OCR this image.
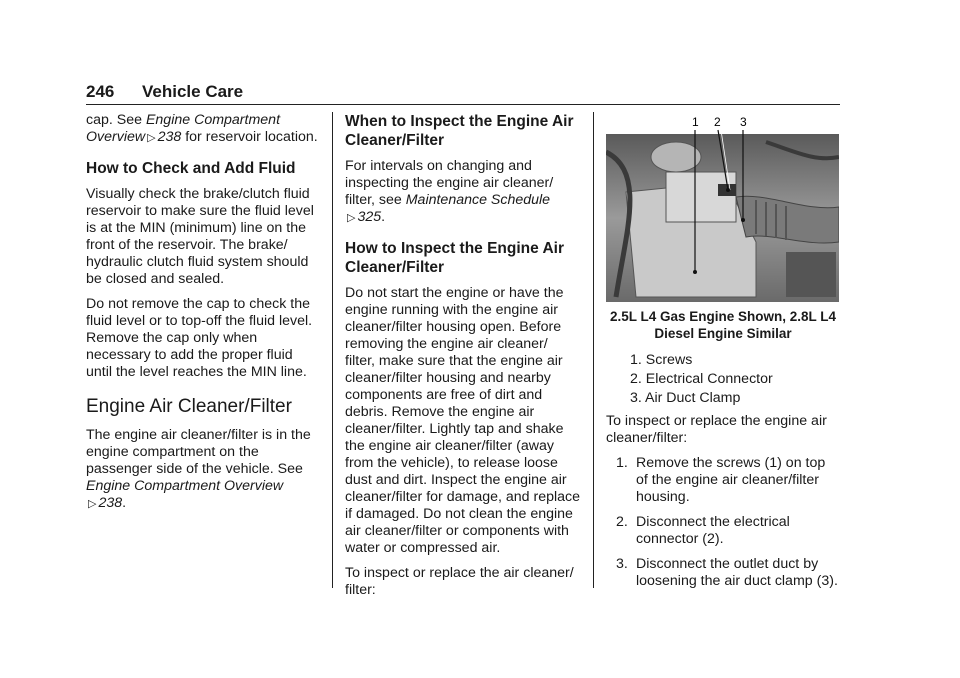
246 Vehicle Care

cap. See Engine Compartment Overview ▷ 238 for reservoir location.

How to Check and Add Fluid

Visually check the brake/clutch fluid reservoir to make sure the fluid level is at the MIN (minimum) line on the front of the reservoir. The brake/ hydraulic clutch fluid system should be closed and sealed.

Do not remove the cap to check the fluid level or to top-off the fluid level. Remove the cap only when necessary to add the proper fluid until the level reaches the MIN line.

Engine Air Cleaner/Filter

The engine air cleaner/filter is in the engine compartment on the passenger side of the vehicle. See Engine Compartment Overview
▷ 238.

When to Inspect the Engine Air Cleaner/Filter

For intervals on changing and inspecting the engine air cleaner/ filter, see Maintenance Schedule
▷ 325.

How to Inspect the Engine Air Cleaner/Filter

Do not start the engine or have the engine running with the engine air cleaner/filter housing open. Before removing the engine air cleaner/ filter, make sure that the engine air cleaner/filter housing and nearby components are free of dirt and debris. Remove the engine air cleaner/filter. Lightly tap and shake the engine air cleaner/filter (away from the vehicle), to release loose dust and dirt. Inspect the engine air cleaner/filter for damage, and replace if damaged. Do not clean the engine air cleaner/filter or components with water or compressed air.

To inspect or replace the air cleaner/ filter:

1 2 3
2.5L L4 Gas Engine Shown, 2.8L L4 Diesel Engine Similar
1. Screws
2. Electrical Connector
3. Air Duct Clamp

To inspect or replace the engine air cleaner/filter:

1. Remove the screws (1) on top of the engine air cleaner/filter housing.
2. Disconnect the electrical connector (2).
3. Disconnect the outlet duct by loosening the air duct clamp (3).
